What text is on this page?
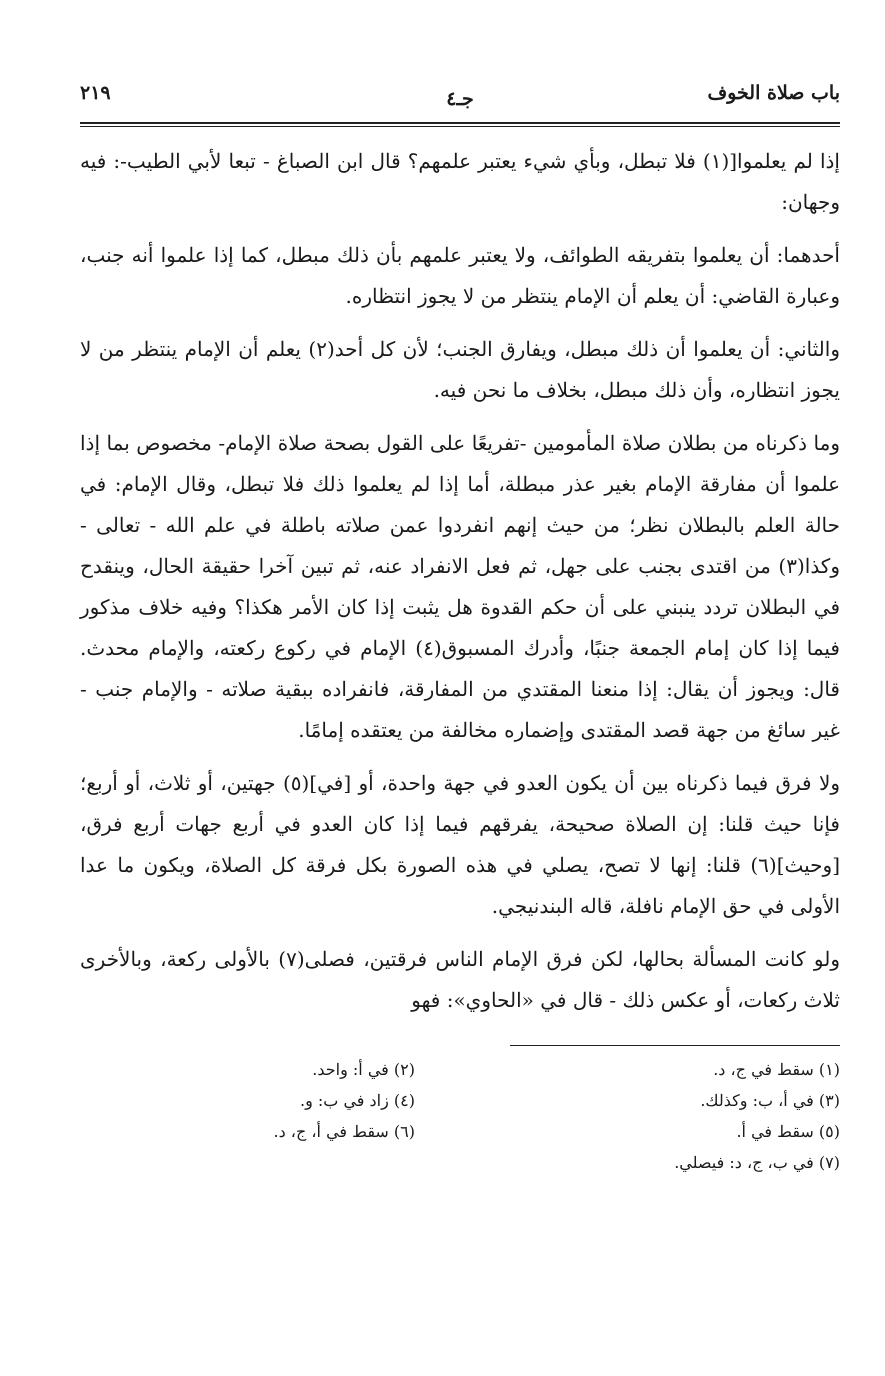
باب صلاة الخوف
جـ٤
٢١٩

إذا لم يعلموا[(١) فلا تبطل، وبأي شيء يعتبر علمهم؟ قال ابن الصباغ - تبعا لأبي الطيب-: فيه وجهان:

أحدهما: أن يعلموا بتفريقه الطوائف، ولا يعتبر علمهم بأن ذلك مبطل، كما إذا علموا أنه جنب، وعبارة القاضي: أن يعلم أن الإمام ينتظر من لا يجوز انتظاره.

والثاني: أن يعلموا أن ذلك مبطل، ويفارق الجنب؛ لأن كل أحد(٢) يعلم أن الإمام ينتظر من لا يجوز انتظاره، وأن ذلك مبطل، بخلاف ما نحن فيه.

وما ذكرناه من بطلان صلاة المأمومين -تفريعًا على القول بصحة صلاة الإمام- مخصوص بما إذا علموا أن مفارقة الإمام بغير عذر مبطلة، أما إذا لم يعلموا ذلك فلا تبطل، وقال الإمام: في حالة العلم بالبطلان نظر؛ من حيث إنهم انفردوا عمن صلاته باطلة في علم الله - تعالى - وكذا(٣) من اقتدى بجنب على جهل، ثم فعل الانفراد عنه، ثم تبين آخرا حقيقة الحال، وينقدح في البطلان تردد ينبني على أن حكم القدوة هل يثبت إذا كان الأمر هكذا؟ وفيه خلاف مذكور فيما إذا كان إمام الجمعة جنبًا، وأدرك المسبوق(٤) الإمام في ركوع ركعته، والإمام محدث. قال: ويجوز أن يقال: إذا منعنا المقتدي من المفارقة، فانفراده ببقية صلاته - والإمام جنب - غير سائغ من جهة قصد المقتدى وإضماره مخالفة من يعتقده إمامًا.

ولا فرق فيما ذكرناه بين أن يكون العدو في جهة واحدة، أو [في](٥) جهتين، أو ثلاث، أو أربع؛ فإنا حيث قلنا: إن الصلاة صحيحة، يفرقهم فيما إذا كان العدو في أربع جهات أربع فرق، [وحيث](٦) قلنا: إنها لا تصح، يصلي في هذه الصورة بكل فرقة كل الصلاة، ويكون ما عدا الأولى في حق الإمام نافلة، قاله البندنيجي.

ولو كانت المسألة بحالها، لكن فرق الإمام الناس فرقتين، فصلى(٧) بالأولى ركعة، وبالأخرى ثلاث ركعات، أو عكس ذلك - قال في «الحاوي»: فهو

(١) سقط في ج، د.
(٢) في أ: واحد.
(٣) في أ، ب: وكذلك.
(٤) زاد في ب: و.
(٥) سقط في أ.
(٦) سقط في أ، ج، د.
(٧) في ب، ج، د: فيصلي.
